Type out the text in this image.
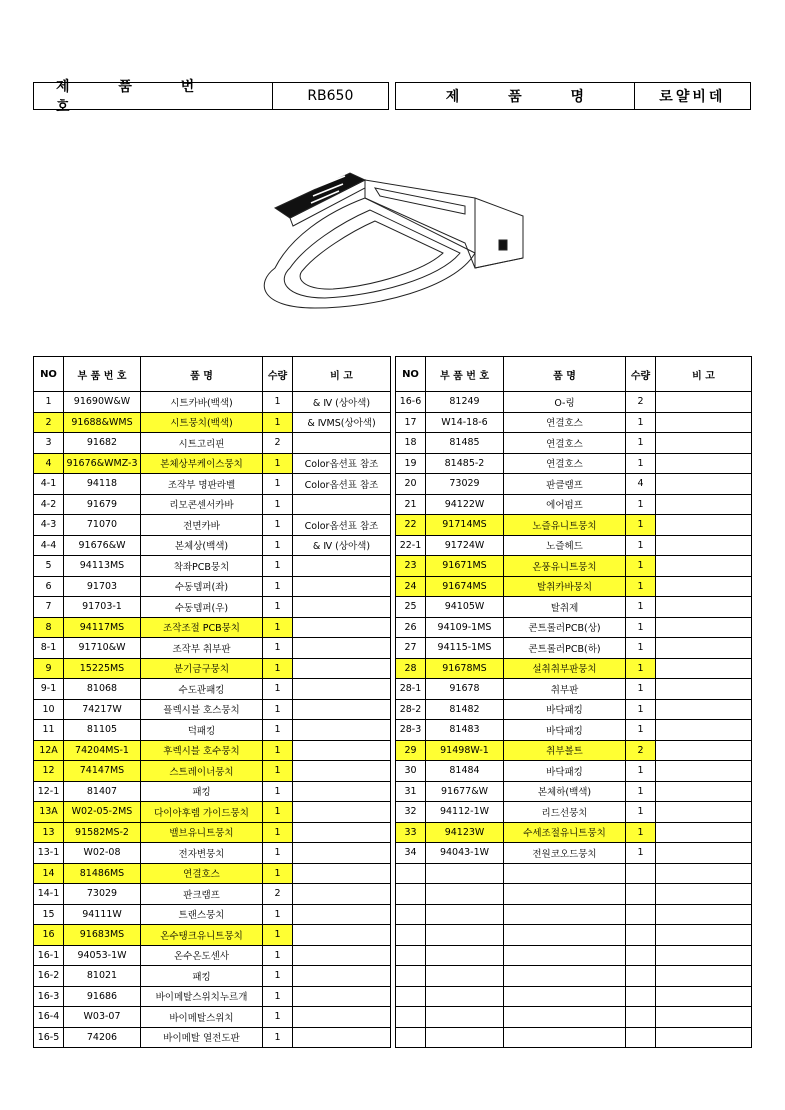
제 품 번 호
RB650	제 품 명	로얄비데
NO	부 품 번 호	품 명	수량	비 고
1	91690W&W	시트카바(백색)	1	& Ⅳ (상아색)
2	91688&WMS	시트뭉치(백색)	1	& ⅣMS(상아색)
3	91682	시트고리핀	2	
4	91676&WMZ-3	본체상부케이스뭉치	1	Color옵션표 참조
4-1	94118	조작부 명판라벨	1	Color옵션표 참조
4-2	91679	리모콘센서카바	1	
4-3	71070	전면카바	1	Color옵션표 참조
4-4	91676&W	본체상(백색)	1	& Ⅳ (상아색)
5	94113MS	착좌PCB뭉치	1	
6	91703	수동뎀퍼(좌)	1	
7	91703-1	수동뎀퍼(우)	1	
8	94117MS	조작조절 PCB뭉치	1	
8-1	91710&W	조작부 취부판	1	
9	15225MS	분기금구뭉치	1	
9-1	81068	수도관패킹	1	
10	74217W	플렉시블 호스뭉치	1	
11	81105	덕패킹	1	
12A	74204MS-1	후렉시블 호수뭉치	1	
12	74147MS	스트레이너뭉치	1	
12-1	81407	패킹	1	
13A	W02-05-2MS	다이아후렘 가이드뭉치	1	
13	91582MS-2	밸브유니트뭉치	1	
13-1	W02-08	전자변뭉치	1	
14	81486MS	연결호스	1	
14-1	73029	판크램프	2	
15	94111W	트랜스뭉치	1	
16	91683MS	온수탱크유니트뭉치	1	
16-1	94053-1W	온수온도센사	1	
16-2	81021	패킹	1	
16-3	91686	바이메탈스위치누르개	1	
16-4	W03-07	바이메탈스위치	1	
16-5	74206	바이메탈 열전도판	1	
NO	부 품 번 호	품 명	수량	비 고
16-6	81249	O-링	2	
17	W14-18-6	연결호스	1	
18	81485	연결호스	1	
19	81485-2	연결호스	1	
20	73029	판클램프	4	
21	94122W	에어펌프	1	
22	91714MS	노즐유니트뭉치	1	
22-1	91724W	노즐헤드	1	
23	91671MS	온풍유니트뭉치	1	
24	91674MS	탈취카바뭉치	1	
25	94105W	탈취제	1	
26	94109-1MS	콘트롤러PCB(상)	1	
27	94115-1MS	콘트롤러PCB(하)	1	
28	91678MS	설취취부판뭉치	1	
28-1	91678	취부판	1	
28-2	81482	바닥패킹	1	
28-3	81483	바닥패킹	1	
29	91498W-1	취부볼트	2	
30	81484	바닥패킹	1	
31	91677&W	본체하(백색)	1	
32	94112-1W	리드선뭉치	1	
33	94123W	수세조절유니트뭉치	1	
34	94043-1W	전원코오드뭉치	1	
